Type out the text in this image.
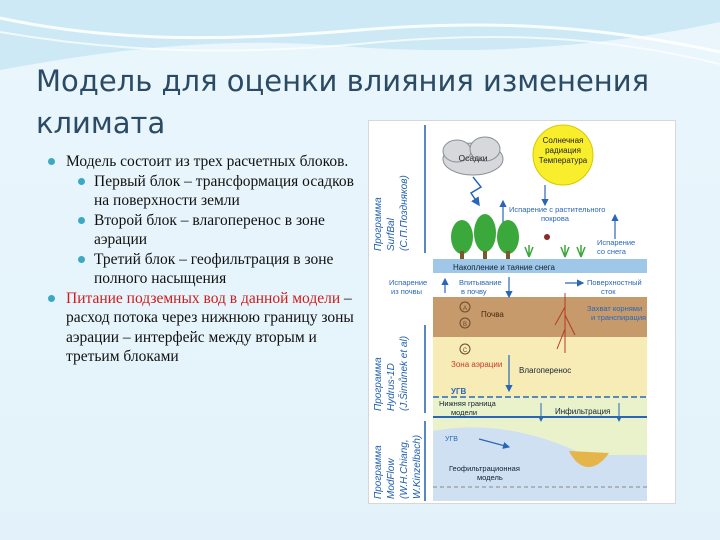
Модель для оценки влияния изменения климата
Модель состоит из трех расчетных блоков.
Первый блок – трансформация осадков на поверхности земли
Второй блок – влагоперенос в зоне аэрации
Третий блок – геофильтрация в зоне полного насыщения
Питание подземных вод в данной модели – расход потока через нижнюю границу зоны аэрации – интерфейс между вторым и третьим блоками
Программа SurfBal (С.П.Поздняков)
Программа Hydrus-1D (J.Šimůnek et al)
Программа ModFlow (W.H.Chiang, W.Kinzelbach)
Осадки
Солнечная
радиация
Температура
Испарение с растительного
покрова
Испарение
со снега
Накопление и таяние снега
Испарение
из почвы
Впитывание
в почву
Поверхностный
сток
A
B
C
Почва
Захват корнями
и транспирация
Зона аэрации
Влагоперенос
УГВ
Нижняя граница
модели	Инфильтрация
УГВ
Геофильтрационная
модель
